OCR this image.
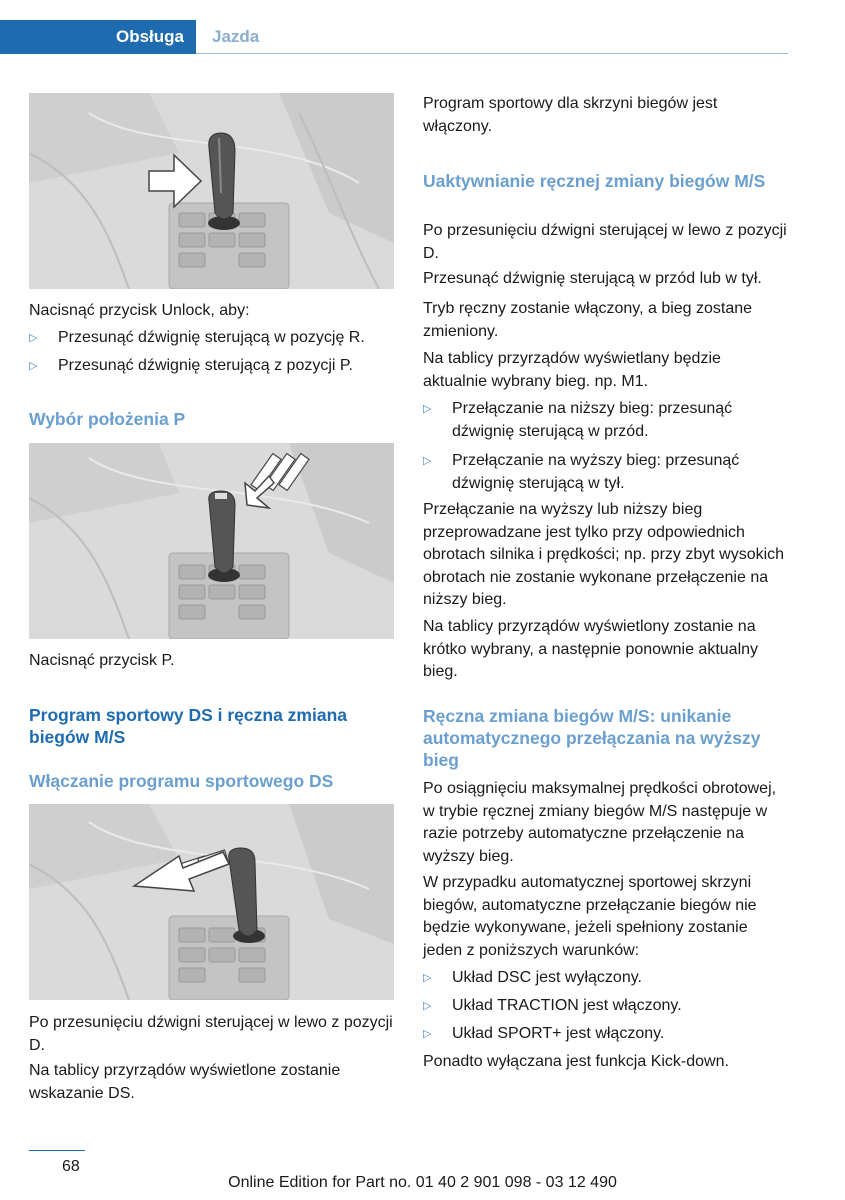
Obsługa Jazda

Nacisnąć przycisk Unlock, aby:

▷ Przesunąć dźwignię sterującą w pozycję R.
▷ Przesunąć dźwignię sterującą z pozycji P.
Wybór położenia P

Nacisnąć przycisk P.

Program sportowy DS i ręczna zmiana biegów M/S
Włączanie programu sportowego DS

Po przesunięciu dźwigni sterującej w lewo z pozycji D.

Na tablicy przyrządów wyświetlone zostanie wskazanie DS.

Program sportowy dla skrzyni biegów jest włączony.

Uaktywnianie ręcznej zmiany biegów M/S

Po przesunięciu dźwigni sterującej w lewo z pozycji D.

Przesunąć dźwignię sterującą w przód lub w tył.

Tryb ręczny zostanie włączony, a bieg zostane zmieniony.

Na tablicy przyrządów wyświetlany będzie aktualnie wybrany bieg. np. M1.

▷ Przełączanie na niższy bieg: przesunąć dźwignię sterującą w przód.
▷ Przełączanie na wyższy bieg: przesunąć dźwignię sterującą w tył.

Przełączanie na wyższy lub niższy bieg przeprowadzane jest tylko przy odpowiednich obrotach silnika i prędkości; np. przy zbyt wysokich obrotach nie zostanie wykonane przełączenie na niższy bieg.

Na tablicy przyrządów wyświetlony zostanie na krótko wybrany, a następnie ponownie aktualny bieg.

Ręczna zmiana biegów M/S: unikanie automatycznego przełączania na wyższy bieg

Po osiągnięciu maksymalnej prędkości obrotowej, w trybie ręcznej zmiany biegów M/S następuje w razie potrzeby automatyczne przełączenie na wyższy bieg.

W przypadku automatycznej sportowej skrzyni biegów, automatyczne przełączanie biegów nie będzie wykonywane, jeżeli spełniony zostanie jeden z poniższych warunków:

▷ Układ DSC jest wyłączony.
▷ Układ TRACTION jest włączony.
▷ Układ SPORT+ jest włączony.

Ponadto wyłączana jest funkcja Kick-down.

68
Online Edition for Part no. 01 40 2 901 098 - 03 12 490
